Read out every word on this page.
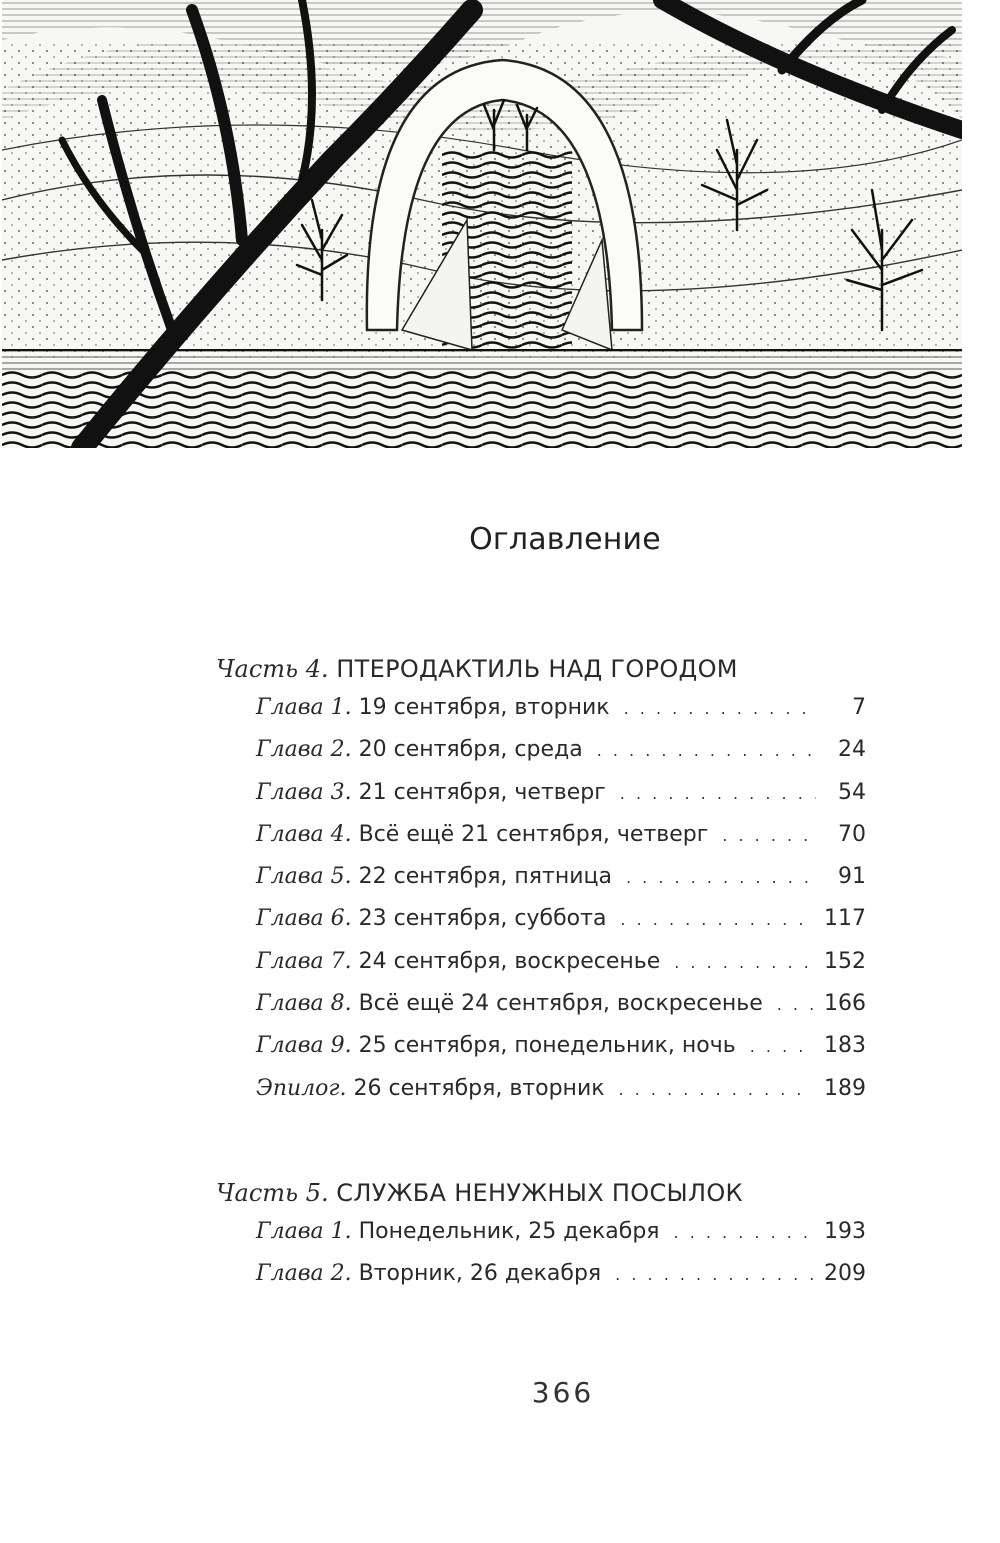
Оглавление
Часть 4. ПТЕРОДАКТИЛЬ НАД ГОРОДОМ
Глава 1.
19 сентября, вторник . . .	7
Глава 2.
20 сентября, среда . . .	24
Глава 3.
21 сентября, четверг . . .	54
Глава 4.
Всё ещё 21 сентября, четверг . . .	70
Глава 5.
22 сентября, пятница . . .	91
Глава 6.
23 сентября, суббота . . .	117
Глава 7.
24 сентября, воскресенье . . .	152
Глава 8.
Всё ещё 24 сентября, воскресенье . . .	166
Глава 9.
25 сентября, понедельник, ночь . . .	183
Эпилог.
26 сентября, вторник . . .	189
Часть 5. СЛУЖБА НЕНУЖНЫХ ПОСЫЛОК
Глава 1.
Понедельник, 25 декабря . . .	193
Глава 2.
Вторник, 26 декабря . . .	209
366
